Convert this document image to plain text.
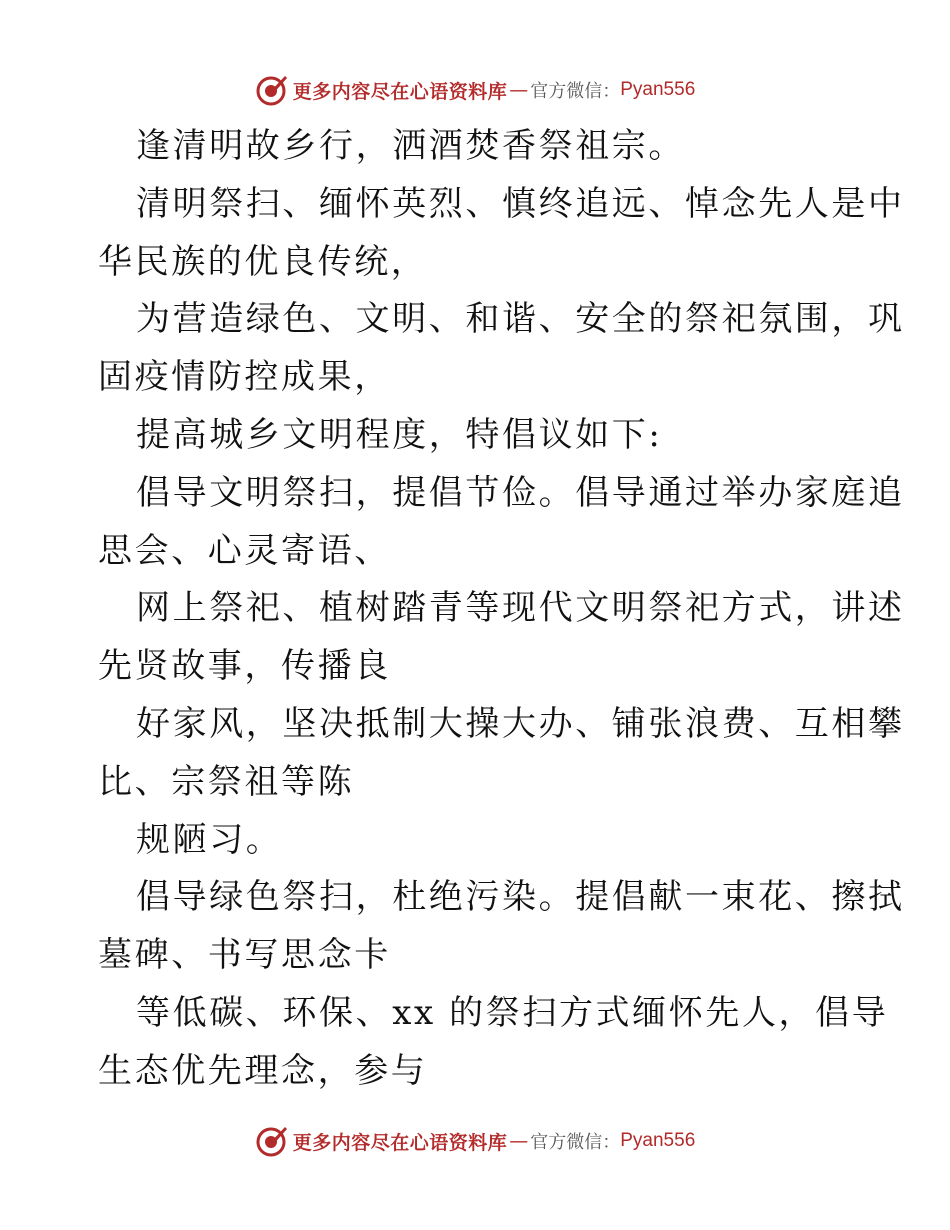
更多内容尽在心语资料库 — 官方微信： Pyan556
逢清明故乡行，洒酒焚香祭祖宗。
清明祭扫、缅怀英烈、慎终追远、悼念先人是中
华民族的优良传统，
为营造绿色、文明、和谐、安全的祭祀氛围，巩
固疫情防控成果，
提高城乡文明程度，特倡议如下:
倡导文明祭扫，提倡节俭。倡导通过举办家庭追
思会、心灵寄语、
网上祭祀、植树踏青等现代文明祭祀方式，讲述
先贤故事，传播良
好家风，坚决抵制大操大办、铺张浪费、互相攀
比、宗祭祖等陈
规陋习。
倡导绿色祭扫，杜绝污染。提倡献一束花、擦拭
墓碑、书写思念卡
等低碳、环保、xx 的祭扫方式缅怀先人，倡导
生态优先理念，参与
更多内容尽在心语资料库 — 官方微信： Pyan556
